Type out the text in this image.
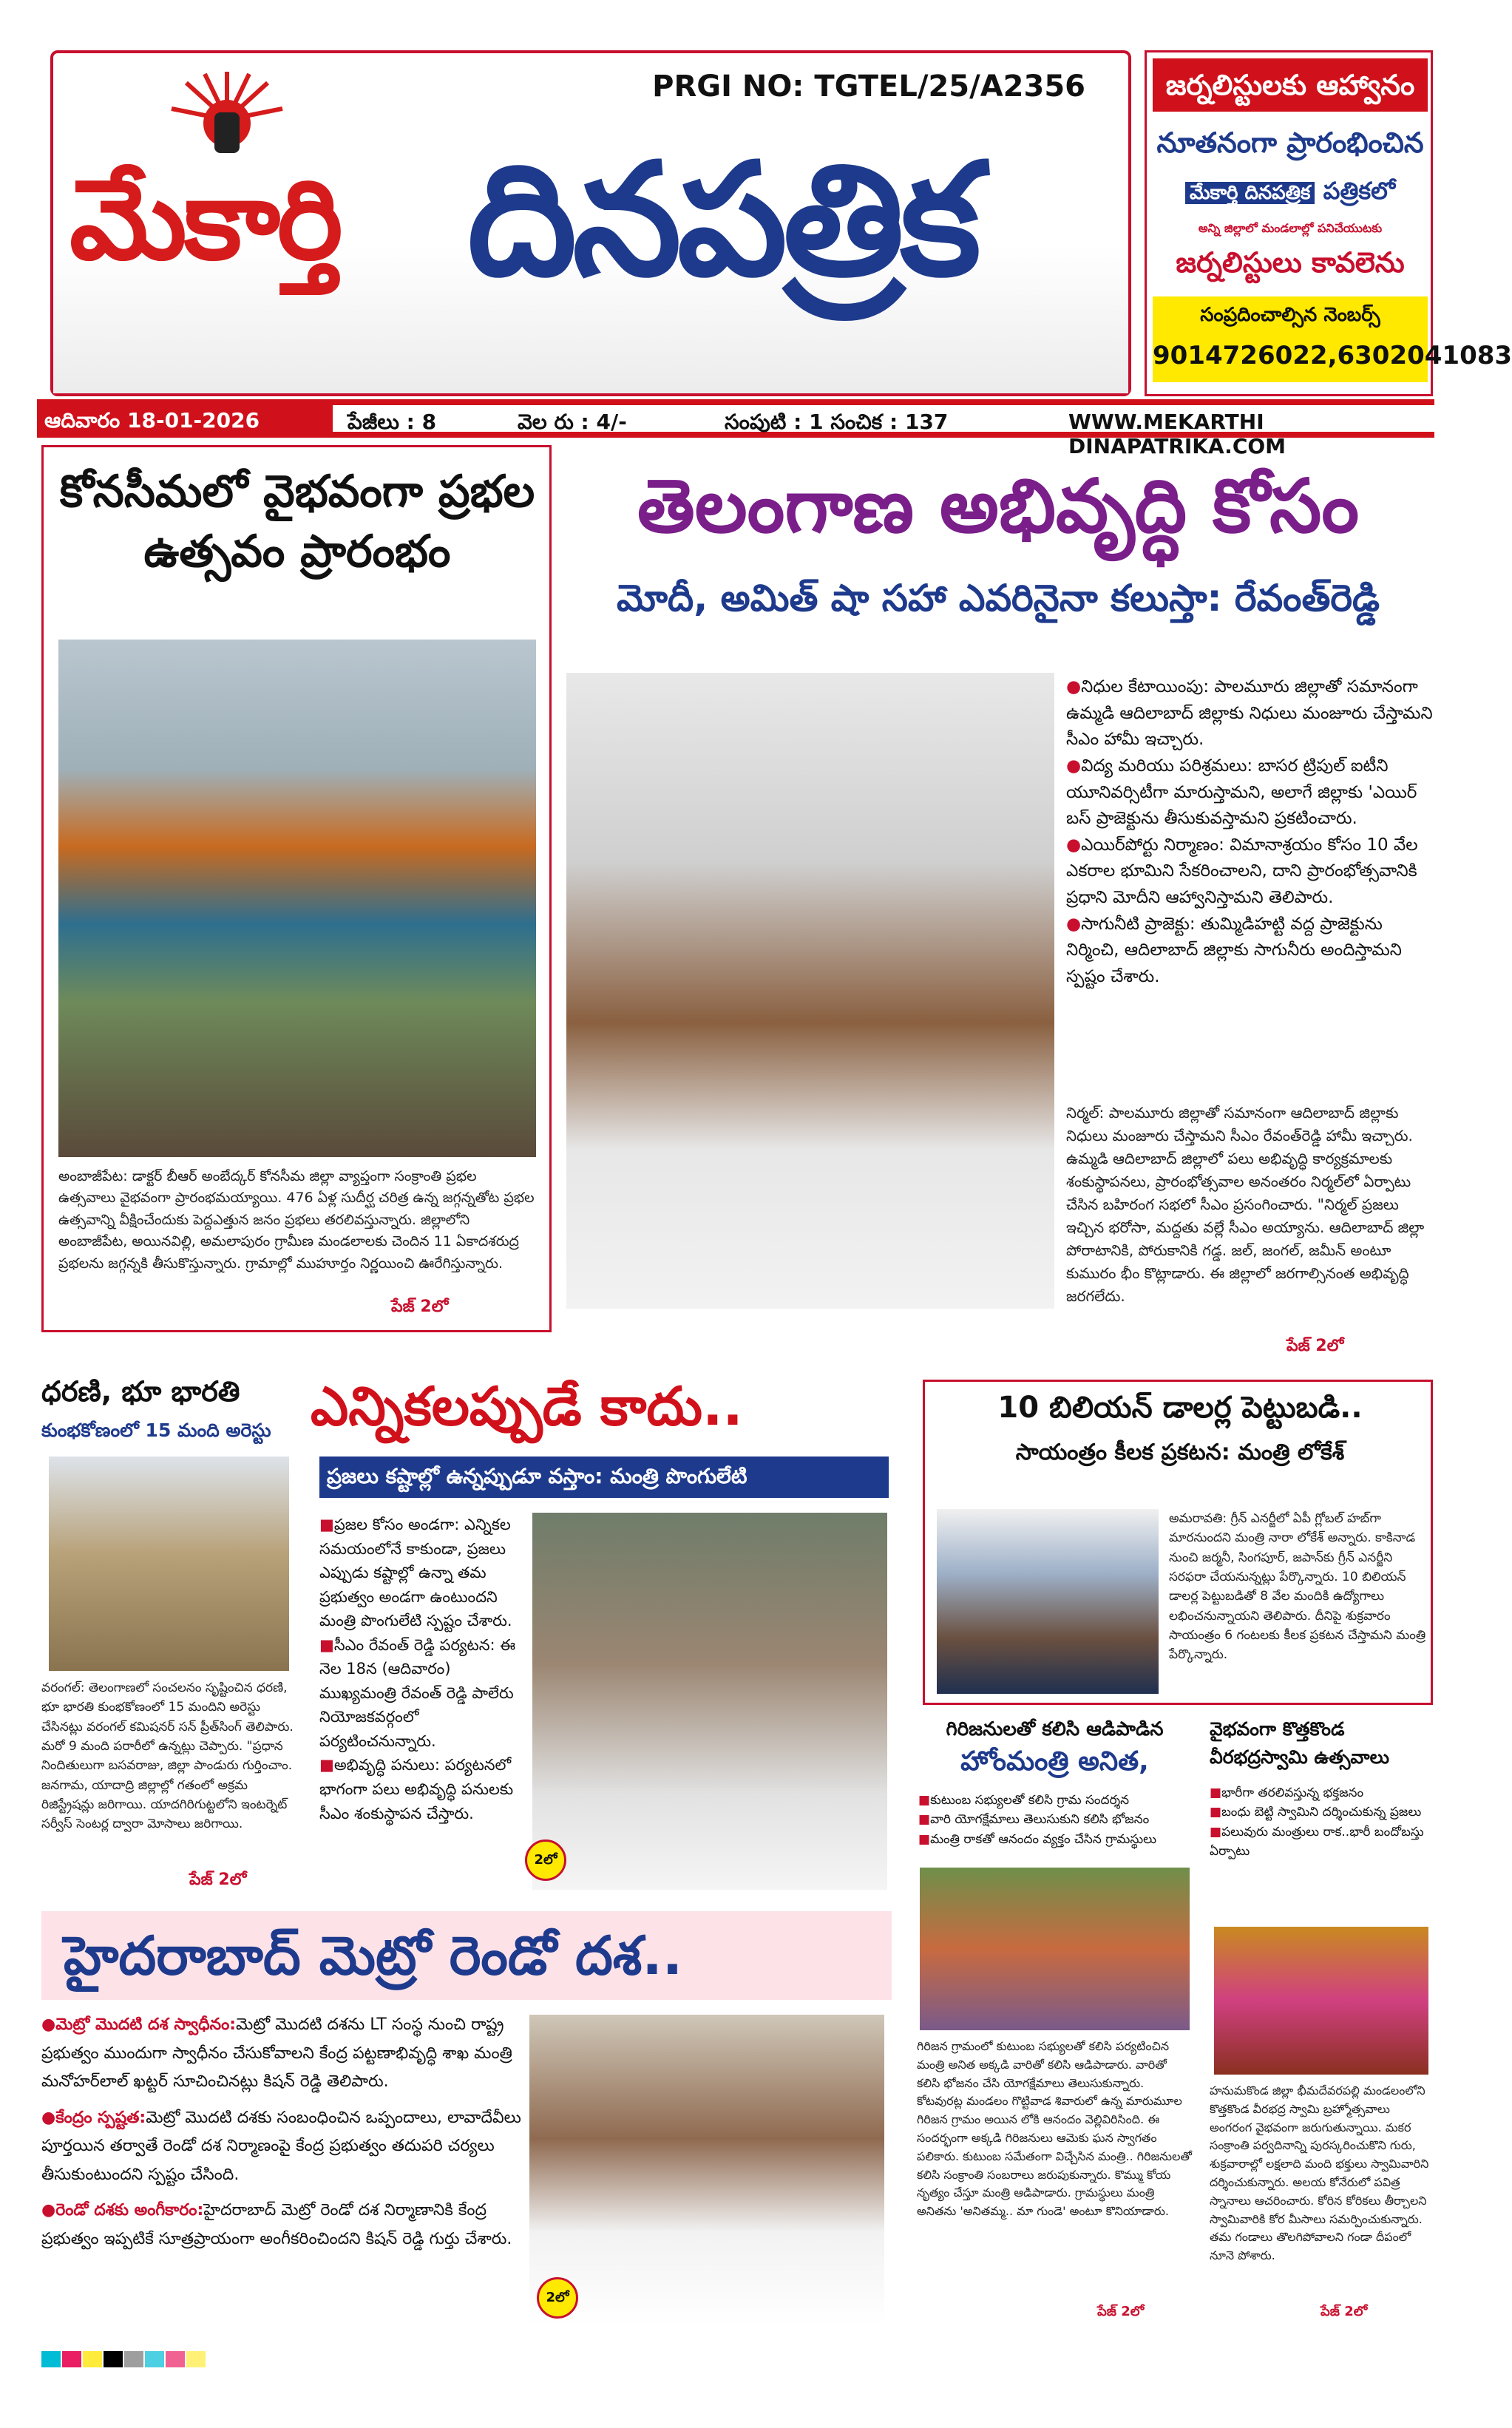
PRGI NO: TGTEL/25/A2356
మేకార్తి దినపత్రిక
జర్నలిస్టులకు ఆహ్వానం
నూతనంగా ప్రారంభించిన
మేకార్తి దినపత్రిక పత్రికలో
అన్ని జిల్లాలో మండలాల్లో పనిచేయుటకు
జర్నలిస్టులు కావలెను
సంప్రదించాల్సిన నెంబర్స్
9014726022,6302041083
ఆదివారం 18-01-2026	పేజీలు : 8	వెల రు : 4/-	సంపుటి : 1 సంచిక : 137	WWW.MEKARTHI DINAPATRIKA.COM
కోనసీమలో వైభవంగా ప్రభల ఉత్సవం ప్రారంభం
అంబాజీపేట: డాక్టర్ బీఆర్ అంబేద్కర్ కోనసీమ జిల్లా వ్యాప్తంగా సంక్రాంతి ప్రభల ఉత్సవాలు వైభవంగా ప్రారంభమయ్యాయి. 476 ఏళ్ల సుదీర్ఘ చరిత్ర ఉన్న జగ్గన్నతోట ప్రభల ఉత్సవాన్ని వీక్షించేందుకు పెద్దఎత్తున జనం ప్రభలు తరలివస్తున్నారు. జిల్లాలోని అంబాజీపేట, అయినవిల్లి, అమలాపురం గ్రామీణ మండలాలకు చెందిన 11 ఏకాదశరుద్ర ప్రభలను జగ్గన్నకి తీసుకొస్తున్నారు. గ్రామాల్లో ముహూర్తం నిర్ణయించి ఊరేగిస్తున్నారు.
పేజ్ 2లో
తెలంగాణ అభివృద్ధి కోసం
మోదీ, అమిత్ షా సహా ఎవరినైనా కలుస్తా: రేవంత్‌రెడ్డి
●నిధుల కేటాయింపు: పాలమూరు జిల్లాతో సమానంగా ఉమ్మడి ఆదిలాబాద్ జిల్లాకు నిధులు మంజూరు చేస్తామని సీఎం హామీ ఇచ్చారు.
●విద్య మరియు పరిశ్రమలు: బాసర ట్రిపుల్ ఐటీని యూనివర్సిటీగా మారుస్తామని, అలాగే జిల్లాకు 'ఎయిర్ బస్ ప్రాజెక్టును తీసుకువస్తామని ప్రకటించారు.
●ఎయిర్‌పోర్టు నిర్మాణం: విమానాశ్రయం కోసం 10 వేల ఎకరాల భూమిని సేకరించాలని, దాని ప్రారంభోత్సవానికి ప్రధాని మోదీని ఆహ్వానిస్తామని తెలిపారు.
●సాగునీటి ప్రాజెక్టు: తుమ్మిడిహట్టి వద్ద ప్రాజెక్టును నిర్మించి, ఆదిలాబాద్ జిల్లాకు సాగునీరు అందిస్తామని స్పష్టం చేశారు.
నిర్మల్: పాలమూరు జిల్లాతో సమానంగా ఆదిలాబాద్ జిల్లాకు నిధులు మంజూరు చేస్తామని సీఎం రేవంత్‌రెడ్డి హామీ ఇచ్చారు. ఉమ్మడి ఆదిలాబాద్ జిల్లాలో పలు అభివృద్ధి కార్యక్రమాలకు శంకుస్థాపనలు, ప్రారంభోత్సవాల అనంతరం నిర్మల్‌లో ఏర్పాటు చేసిన బహిరంగ సభలో సీఎం ప్రసంగించారు. "నిర్మల్ ప్రజలు ఇచ్చిన భరోసా, మద్దతు వల్లే సీఎం అయ్యాను. ఆదిలాబాద్ జిల్లా పోరాటానికి, పోరుకానికి గడ్డ. జల్, జంగల్, జమీన్ అంటూ కుమురం భీం కొట్లాడారు. ఈ జిల్లాలో జరగాల్సినంత అభివృద్ధి జరగలేదు.
పేజ్ 2లో
ధరణి, భూ భారతి
కుంభకోణంలో 15 మంది అరెస్టు
వరంగల్: తెలంగాణలో సంచలనం సృష్టించిన ధరణి, భూ భారతి కుంభకోణంలో 15 మందిని అరెస్టు చేసినట్లు వరంగల్ కమిషనర్ సన్ ప్రీత్‌సింగ్ తెలిపారు. మరో 9 మంది పరారీలో ఉన్నట్లు చెప్పారు. "ప్రధాన నిందితులుగా బసవరాజు, జిల్లా పాండురు గుర్తించాం. జనగామ, యాదాద్రి జిల్లాల్లో గతంలో అక్రమ రిజిస్ట్రేషన్లు జరిగాయి. యాదగిరిగుట్టలోని ఇంటర్నెట్ సర్వీస్ సెంటర్ల ద్వారా మోసాలు జరిగాయి.
పేజ్ 2లో
ఎన్నికలప్పుడే కాదు..
ప్రజలు కష్టాల్లో ఉన్నప్పుడూ వస్తాం: మంత్రి పొంగులేటి
■ప్రజల కోసం అండగా: ఎన్నికల సమయంలోనే కాకుండా, ప్రజలు ఎప్పుడు కష్టాల్లో ఉన్నా తమ ప్రభుత్వం అండగా ఉంటుందని మంత్రి పొంగులేటి స్పష్టం చేశారు.
■సీఎం రేవంత్ రెడ్డి పర్యటన: ఈ నెల 18న (ఆదివారం) ముఖ్యమంత్రి రేవంత్ రెడ్డి పాలేరు నియోజకవర్గంలో పర్యటించనున్నారు.
■అభివృద్ధి పనులు: పర్యటనలో భాగంగా పలు అభివృద్ధి పనులకు సీఎం శంకుస్థాపన చేస్తారు.
2లో
10 బిలియన్ డాలర్ల పెట్టుబడి..
సాయంత్రం కీలక ప్రకటన: మంత్రి లోకేశ్
అమరావతి: గ్రీన్ ఎనర్జీలో ఏపీ గ్లోబల్ హబ్‌గా మారనుందని మంత్రి నారా లోకేశ్ అన్నారు. కాకినాడ నుంచి జర్మనీ, సింగపూర్, జపాన్‌కు గ్రీన్ ఎనర్జీని సరఫరా చేయనున్నట్లు పేర్కొన్నారు. 10 బిలియన్ డాలర్ల పెట్టుబడితో 8 వేల మందికి ఉద్యోగాలు లభించనున్నాయని తెలిపారు. దీనిపై శుక్రవారం సాయంత్రం 6 గంటలకు కీలక ప్రకటన చేస్తామని మంత్రి పేర్కొన్నారు.
గిరిజనులతో కలిసి ఆడిపాడిన
హోంమంత్రి అనిత,
■కుటుంబ సభ్యులతో కలిసి గ్రామ సందర్శన
■వారి యోగక్షేమాలు తెలుసుకుని కలిసి భోజనం
■మంత్రి రాకతో ఆనందం వ్యక్తం చేసిన గ్రామస్థులు
గిరిజన గ్రామంలో కుటుంబ సభ్యులతో కలిసి పర్యటించిన మంత్రి అనిత అక్కడి వారితో కలిసి ఆడిపాడారు. వారితో కలిసి భోజనం చేసి యోగక్షేమాలు తెలుసుకున్నారు. కోటవురట్ల మండలం గొట్టివాడ శివారులో ఉన్న మారుమూల గిరిజన గ్రామం అయిన లోకి ఆనందం వెల్లివిరిసింది. ఈ సందర్భంగా అక్కడి గిరిజనులు ఆమెకు ఘన స్వాగతం పలికారు. కుటుంబ సమేతంగా విచ్చేసిన మంత్రి.. గిరిజనులతో కలిసి సంక్రాంతి సంబరాలు జరుపుకున్నారు. కొమ్ము కోయ నృత్యం చేస్తూ మంత్రి ఆడిపాడారు. గ్రామస్థులు మంత్రి అనితను 'అనితమ్మ.. మా గుండె' అంటూ కొనియాడారు.
పేజ్ 2లో
వైభవంగా కొత్తకొండ
వీరభద్రస్వామి ఉత్సవాలు
■భారీగా తరలివస్తున్న భక్తజనం
■బంధు బెట్టి స్వామిని దర్శించుకున్న ప్రజలు
■పలువురు మంత్రులు రాక..భారీ బందోబస్తు ఏర్పాటు
హనుమకొండ జిల్లా భీమదేవరపల్లి మండలంలోని కొత్తకొండ వీరభద్ర స్వామి బ్రహ్మోత్సవాలు అంగరంగ వైభవంగా జరుగుతున్నాయి. మకర సంక్రాంతి పర్వదినాన్ని పురస్కరించుకొని గురు, శుక్రవారాల్లో లక్షలాది మంది భక్తులు స్వామివారిని దర్శించుకున్నారు. అలయ కోనేరులో పవిత్ర స్నానాలు ఆచరించారు. కోరిన కోరికలు తీర్చాలని స్వామివారికి కోర మీసాలు సమర్పించుకున్నారు. తమ గండాలు తొలగిపోవాలని గండా దీపంలో నూనె పోశారు.
పేజ్ 2లో
హైదరాబాద్ మెట్రో రెండో దశ..
●మెట్రో మొదటి దశ స్వాధీనం:మెట్రో మొదటి దశను LT సంస్థ నుంచి రాష్ట్ర ప్రభుత్వం ముందుగా స్వాధీనం చేసుకోవాలని కేంద్ర పట్టణాభివృద్ధి శాఖ మంత్రి మనోహర్‌లాల్ ఖట్టర్ సూచించినట్లు కిషన్ రెడ్డి తెలిపారు.
●కేంద్రం స్పష్టత:మెట్రో మొదటి దశకు సంబంధించిన ఒప్పందాలు, లావాదేవీలు పూర్తయిన తర్వాతే రెండో దశ నిర్మాణంపై కేంద్ర ప్రభుత్వం తదుపరి చర్యలు తీసుకుంటుందని స్పష్టం చేసింది.
●రెండో దశకు అంగీకారం:హైదరాబాద్ మెట్రో రెండో దశ నిర్మాణానికి కేంద్ర ప్రభుత్వం ఇప్పటికే సూత్రప్రాయంగా అంగీకరించిందని కిషన్ రెడ్డి గుర్తు చేశారు.
2లో
